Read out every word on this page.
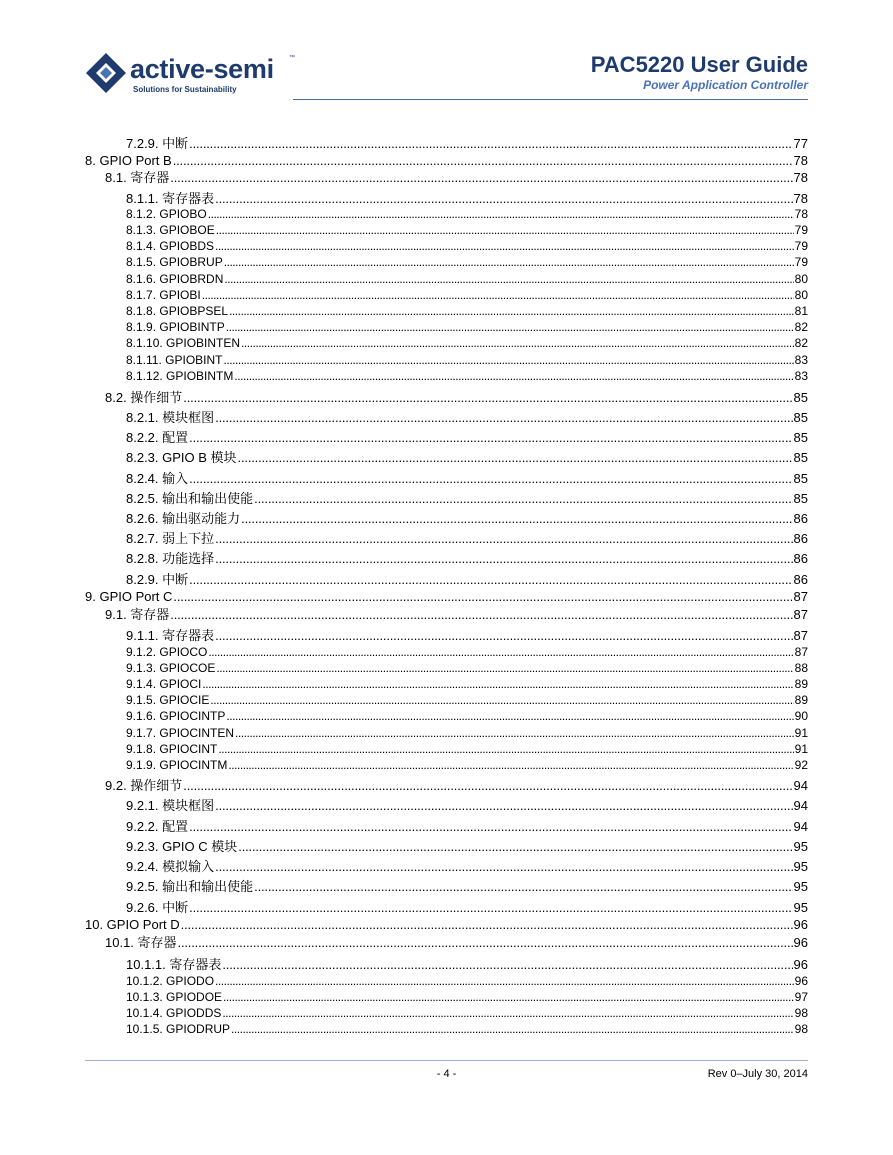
active-semi	™
Solutions for Sustainability
PAC5220 User Guide
Power Application Controller
7.2.9. 中断 . . .	77
8. GPIO Port B . . .	78
8.1. 寄存器 . . .	78
8.1.1. 寄存器表 . . .	78
8.1.2. GPIOBO . . .	78
8.1.3. GPIOBOE . . .	79
8.1.4. GPIOBDS . . .	79
8.1.5. GPIOBRUP . . .	79
8.1.6. GPIOBRDN . . .	80
8.1.7. GPIOBI . . .	80
8.1.8. GPIOBPSEL . . .	81
8.1.9. GPIOBINTP . . .	82
8.1.10. GPIOBINTEN . . .	82
8.1.11. GPIOBINT . . .	83
8.1.12. GPIOBINTM . . .	83
8.2. 操作细节 . . .	85
8.2.1. 模块框图 . . .	85
8.2.2. 配置 . . .	85
8.2.3. GPIO B 模块 . . .	85
8.2.4. 输入 . . .	85
8.2.5. 输出和输出使能 . . .	85
8.2.6. 输出驱动能力 . . .	86
8.2.7. 弱上下拉 . . .	86
8.2.8. 功能选择 . . .	86
8.2.9. 中断 . . .	86
9. GPIO Port C . . .	87
9.1. 寄存器 . . .	87
9.1.1. 寄存器表 . . .	87
9.1.2. GPIOCO . . .	87
9.1.3. GPIOCOE . . .	88
9.1.4. GPIOCI . . .	89
9.1.5. GPIOCIE . . .	89
9.1.6. GPIOCINTP . . .	90
9.1.7. GPIOCINTEN . . .	91
9.1.8. GPIOCINT . . .	91
9.1.9. GPIOCINTM . . .	92
9.2. 操作细节 . . .	94
9.2.1. 模块框图 . . .	94
9.2.2. 配置 . . .	94
9.2.3. GPIO C 模块 . . .	95
9.2.4. 模拟输入 . . .	95
9.2.5. 输出和输出使能 . . .	95
9.2.6. 中断 . . .	95
10. GPIO Port D . . .	96
10.1. 寄存器 . . .	96
10.1.1. 寄存器表 . . .	96
10.1.2. GPIODO . . .	96
10.1.3. GPIODOE . . .	97
10.1.4. GPIODDS . . .	98
10.1.5. GPIODRUP . . .	98
- 4 -	Rev 0–July 30, 2014
